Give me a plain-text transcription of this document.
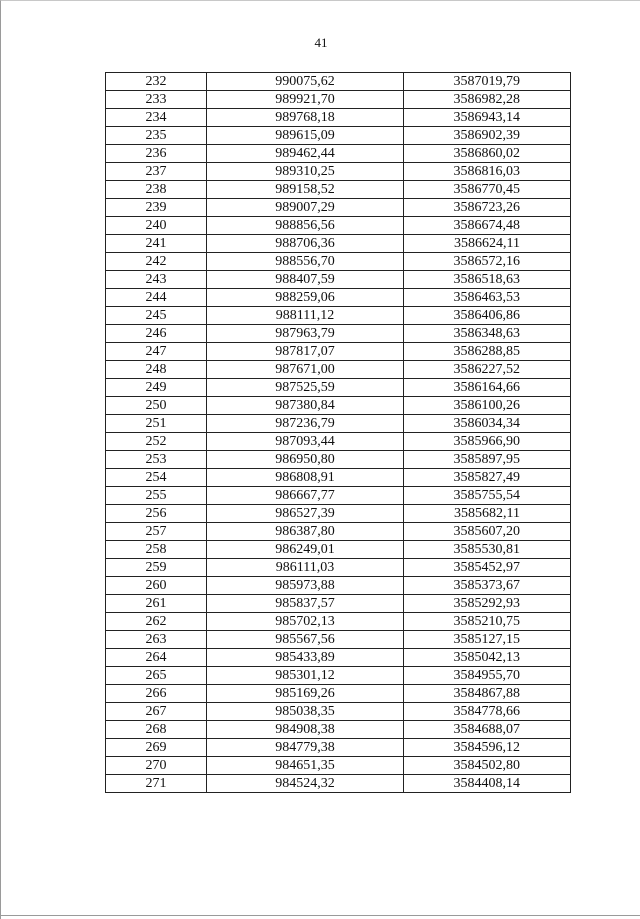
41
232	990075,62	3587019,79
233	989921,70	3586982,28
234	989768,18	3586943,14
235	989615,09	3586902,39
236	989462,44	3586860,02
237	989310,25	3586816,03
238	989158,52	3586770,45
239	989007,29	3586723,26
240	988856,56	3586674,48
241	988706,36	3586624,11
242	988556,70	3586572,16
243	988407,59	3586518,63
244	988259,06	3586463,53
245	988111,12	3586406,86
246	987963,79	3586348,63
247	987817,07	3586288,85
248	987671,00	3586227,52
249	987525,59	3586164,66
250	987380,84	3586100,26
251	987236,79	3586034,34
252	987093,44	3585966,90
253	986950,80	3585897,95
254	986808,91	3585827,49
255	986667,77	3585755,54
256	986527,39	3585682,11
257	986387,80	3585607,20
258	986249,01	3585530,81
259	986111,03	3585452,97
260	985973,88	3585373,67
261	985837,57	3585292,93
262	985702,13	3585210,75
263	985567,56	3585127,15
264	985433,89	3585042,13
265	985301,12	3584955,70
266	985169,26	3584867,88
267	985038,35	3584778,66
268	984908,38	3584688,07
269	984779,38	3584596,12
270	984651,35	3584502,80
271	984524,32	3584408,14
